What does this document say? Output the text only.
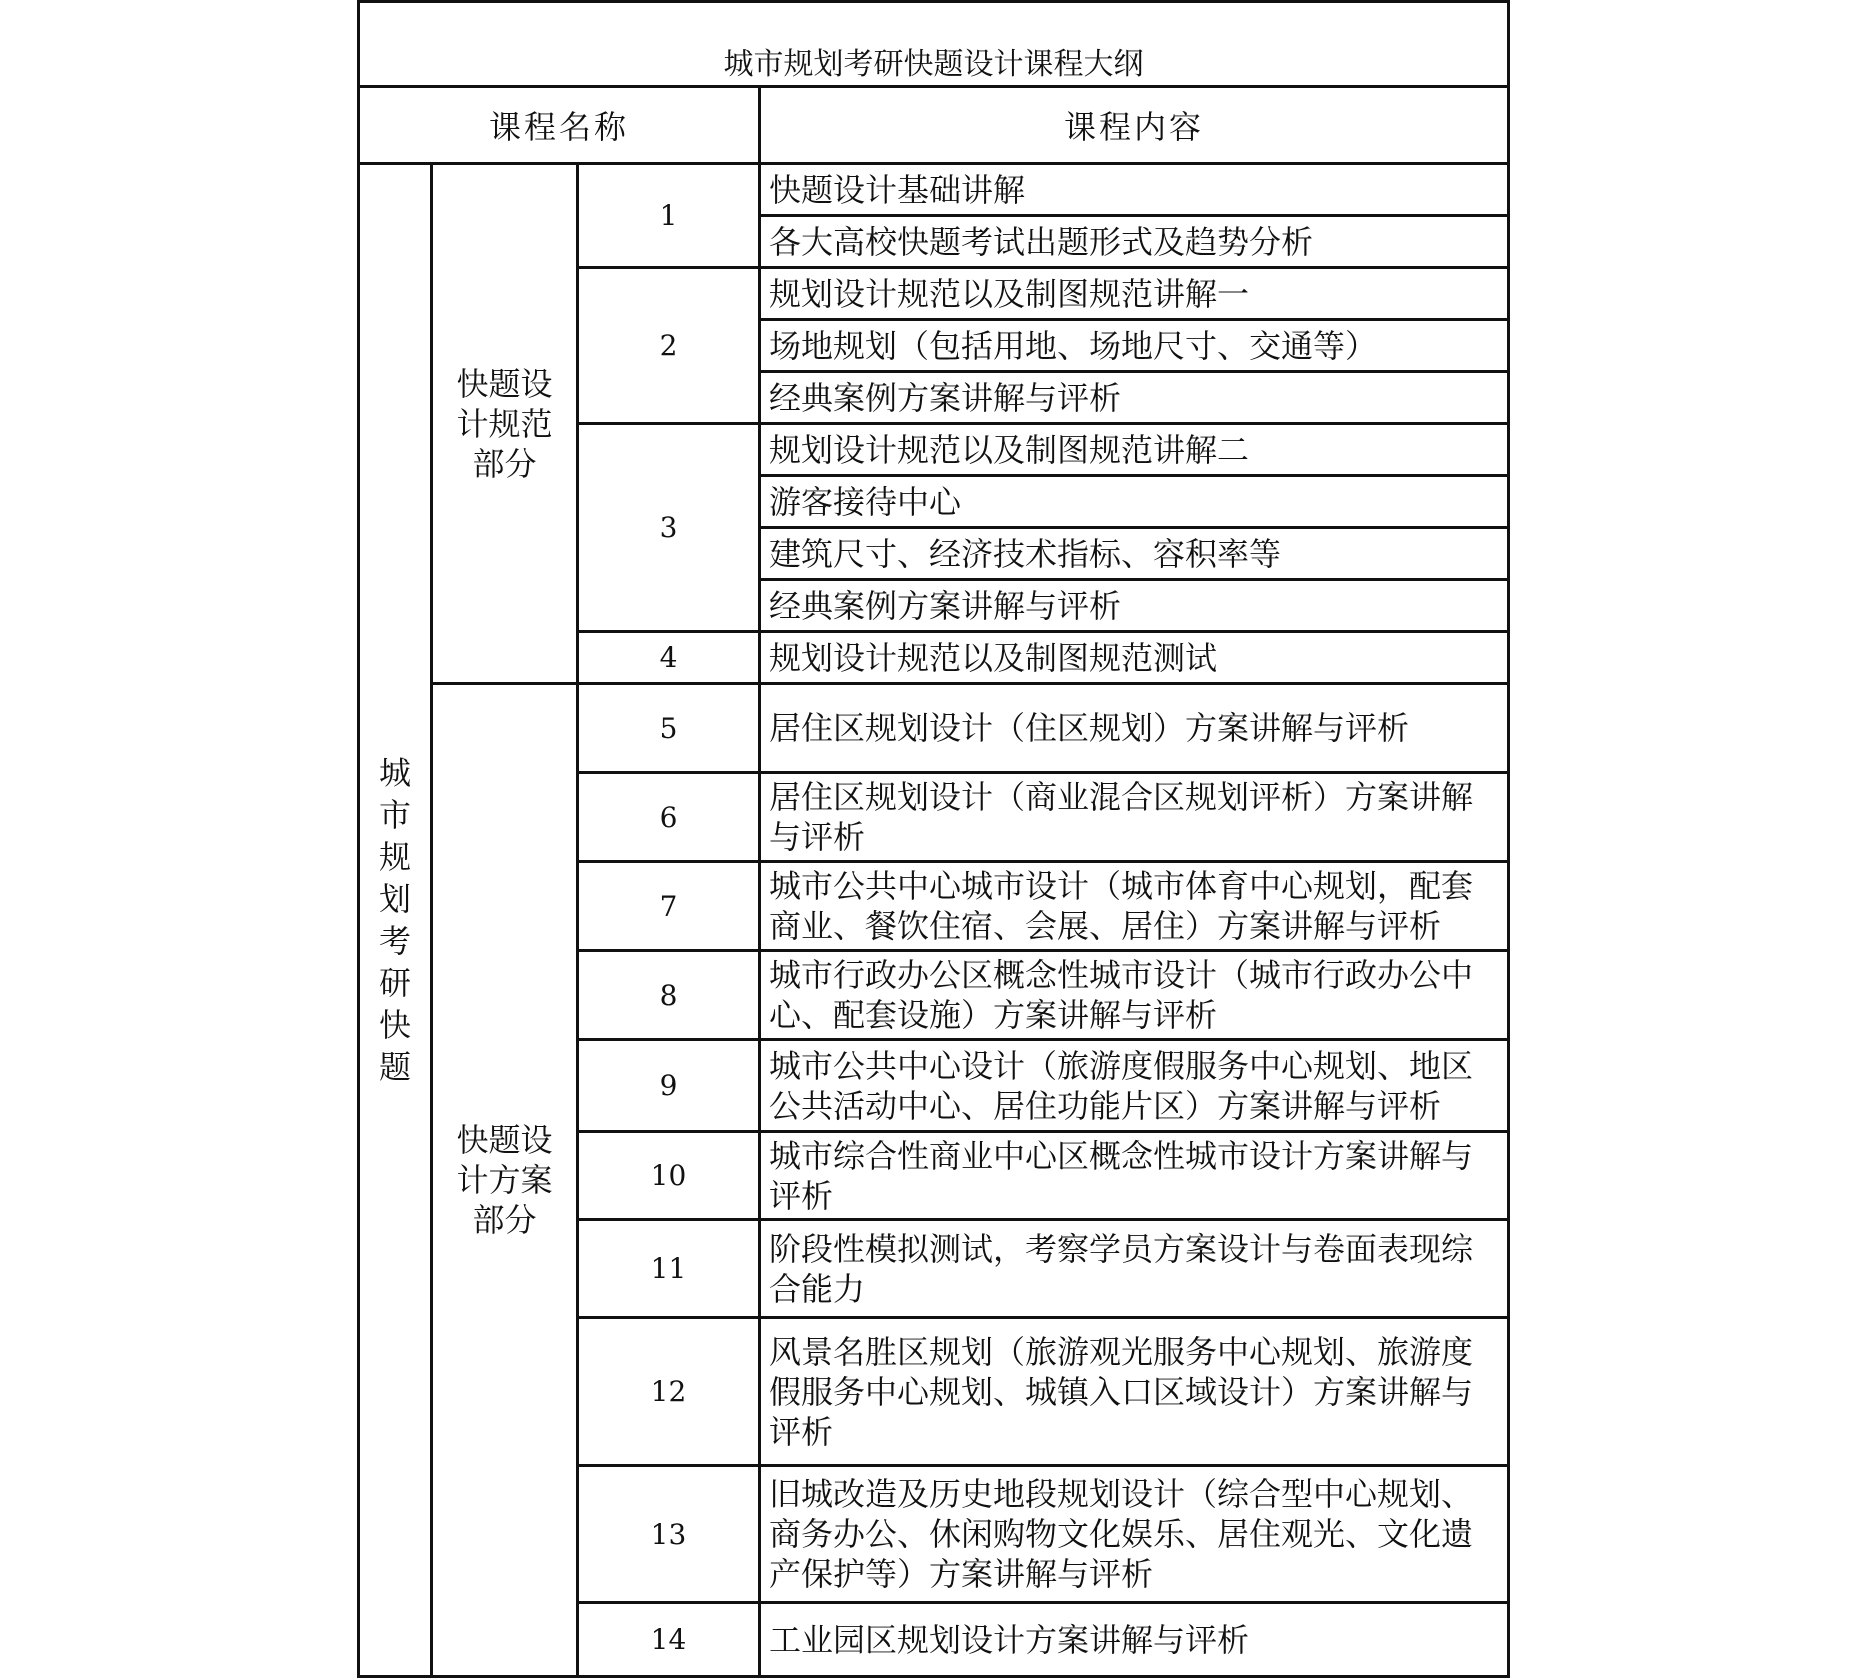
城市规划考研快题设计课程大纲			
课程名称			课程内容
城市规划考研快题	快题设计规范部分	1	快题设计基础讲解
			各大高校快题考试出题形式及趋势分析
		2	规划设计规范以及制图规范讲解一
			场地规划（包括用地、场地尺寸、交通等）
			经典案例方案讲解与评析
		3	规划设计规范以及制图规范讲解二
			游客接待中心
			建筑尺寸、经济技术指标、容积率等
			经典案例方案讲解与评析
		4	规划设计规范以及制图规范测试

	快题设计方案部分	5	居住区规划设计（住区规划）方案讲解与评析
		6	居住区规划设计（商业混合区规划评析）方案讲解与评析

		7	城市公共中心城市设计（城市体育中心规划，配套商业、餐饮住宿、会展、居住）方案讲解与评析

		8	城市行政办公区概念性城市设计（城市行政办公中心、配套设施）方案讲解与评析

		9	城市公共中心设计（旅游度假服务中心规划、地区公共活动中心、居住功能片区）方案讲解与评析

		10	城市综合性商业中心区概念性城市设计方案讲解与评析

		11	阶段性模拟测试，考察学员方案设计与卷面表现综合能力

		12	风景名胜区规划（旅游观光服务中心规划、旅游度假服务中心规划、城镇入口区域设计）方案讲解与评析

		13	旧城改造及历史地段规划设计（综合型中心规划、商务办公、休闲购物文化娱乐、居住观光、文化遗产保护等）方案讲解与评析

		14	工业园区规划设计方案讲解与评析
